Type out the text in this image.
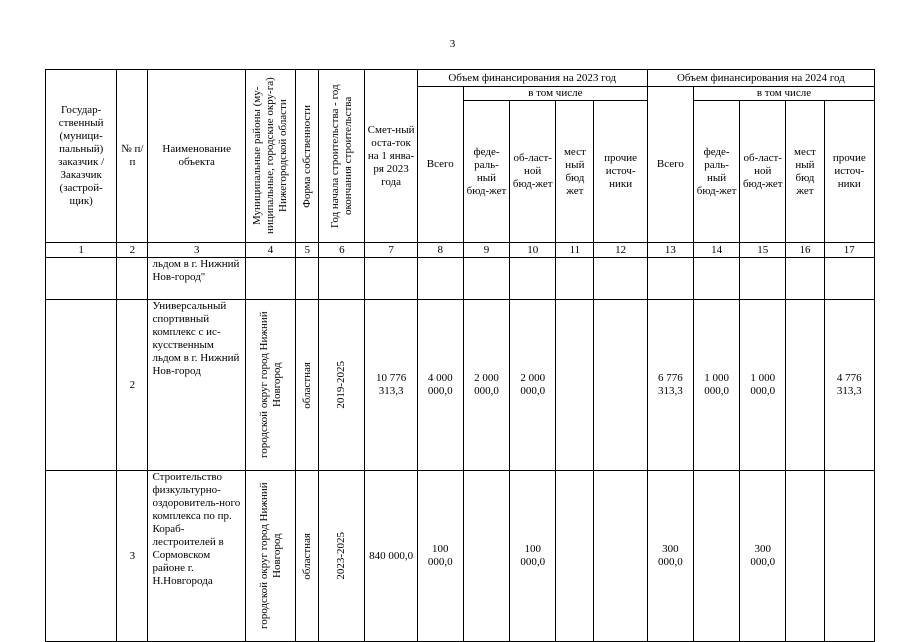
3
Государ-ственный (муници-пальный) заказчик / Заказчик (застрой-щик)	№ п/п	Наименование объекта	Муниципальные районы (му-ниципальные, городские окру-га) Нижегородской области	Форма собственности	Год начала строительства - год окончания строительства	Смет-ный оста-ток на 1 янва-ря 2023 года	Объем финансирования на 2023 год					Объем финансирования на 2024 год				
							Всего	в том числе				Всего	в том числе			
								феде-раль-ный бюд-жет	об-ласт-ной бюд-жет	мест ный бюд жет	прочие источ-ники		феде-раль-ный бюд-жет	об-ласт-ной бюд-жет	мест ный бюд жет	прочие источ-ники
1	2	3	4	5	6	7	8	9	10	11	12	13	14	15	16	17
		льдом в г. Нижний Нов-город"														
	2	Универсальный спортивный комплекс с ис-кусственным льдом в г. Нижний Нов-город	городской округ город Нижний Новгород	областная	2019-2025	10 776 313,3	4 000 000,0	2 000 000,0	2 000 000,0			6 776 313,3	1 000 000,0	1 000 000,0		4 776 313,3
	3	Строительство физкультурно-оздоровитель-ного комплекса по пр. Кораб-лестроителей в Сормовском районе г. Н.Новгорода	городской округ город Нижний Новгород	областная	2023-2025	840 000,0	100 000,0		100 000,0			300 000,0		300 000,0		
